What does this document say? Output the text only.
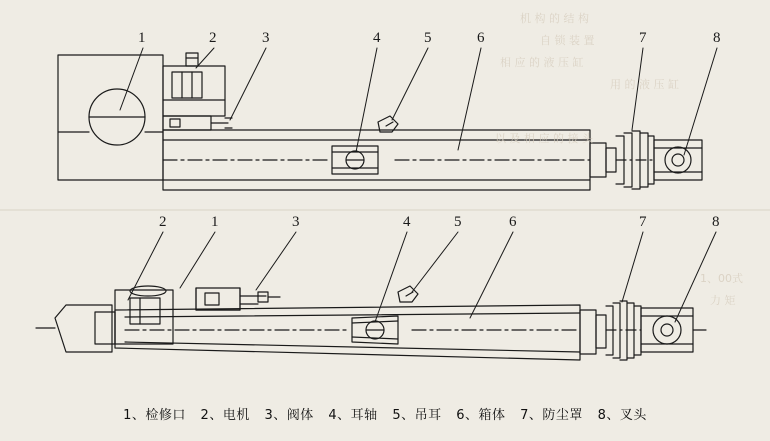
机 构 的 结 构
自 锁 装 置
相 应 的 液 压 缸
用 的 液 压 缸
以 及 相 应 的 接 头
1、00式
力 矩
1	2	3	4	5	6	7	8
2	1	3	4	5	6	7	8
1、检修口 2、电机 3、阀体 4、耳轴 5、吊耳 6、箱体 7、防尘罩 8、叉头
